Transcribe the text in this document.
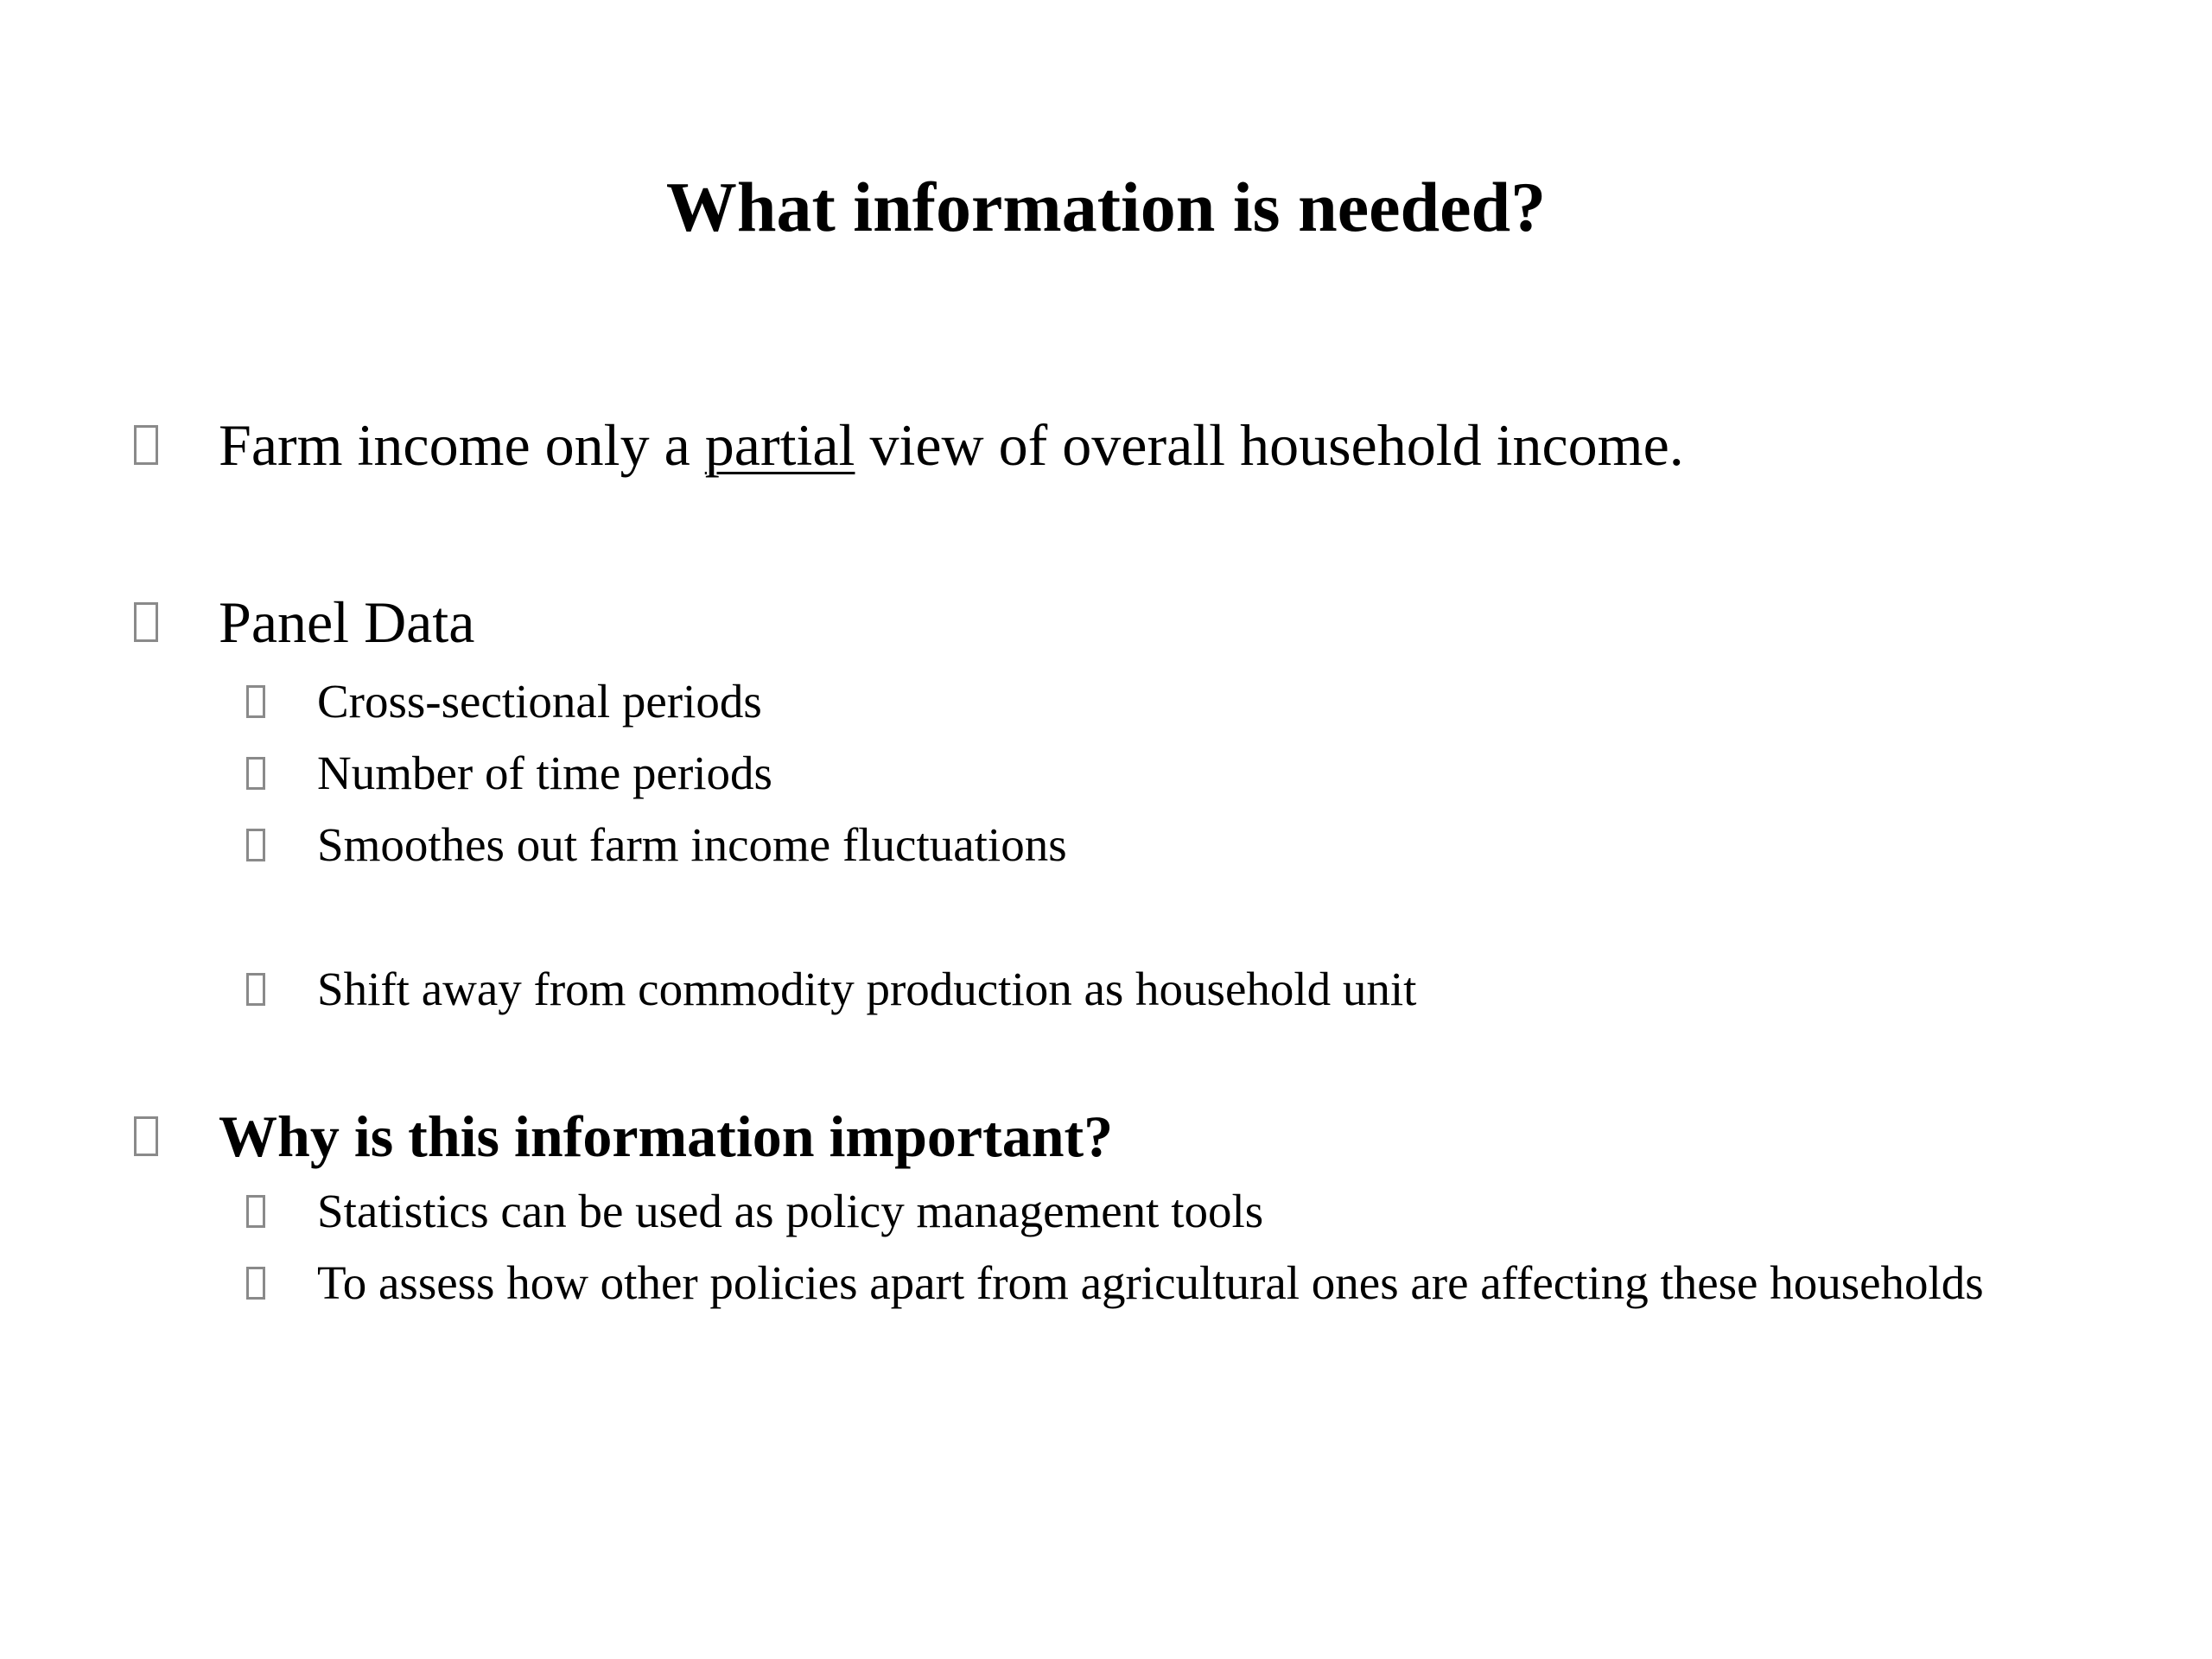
What information is needed?
Farm income only a partial view of overall household income.
Panel Data
Cross-sectional periods
Number of time periods
Smoothes out farm income fluctuations
Shift away from commodity production as household unit
Why is this information important?
Statistics can be used as policy management tools
To assess how other policies apart from agricultural ones are affecting these households
